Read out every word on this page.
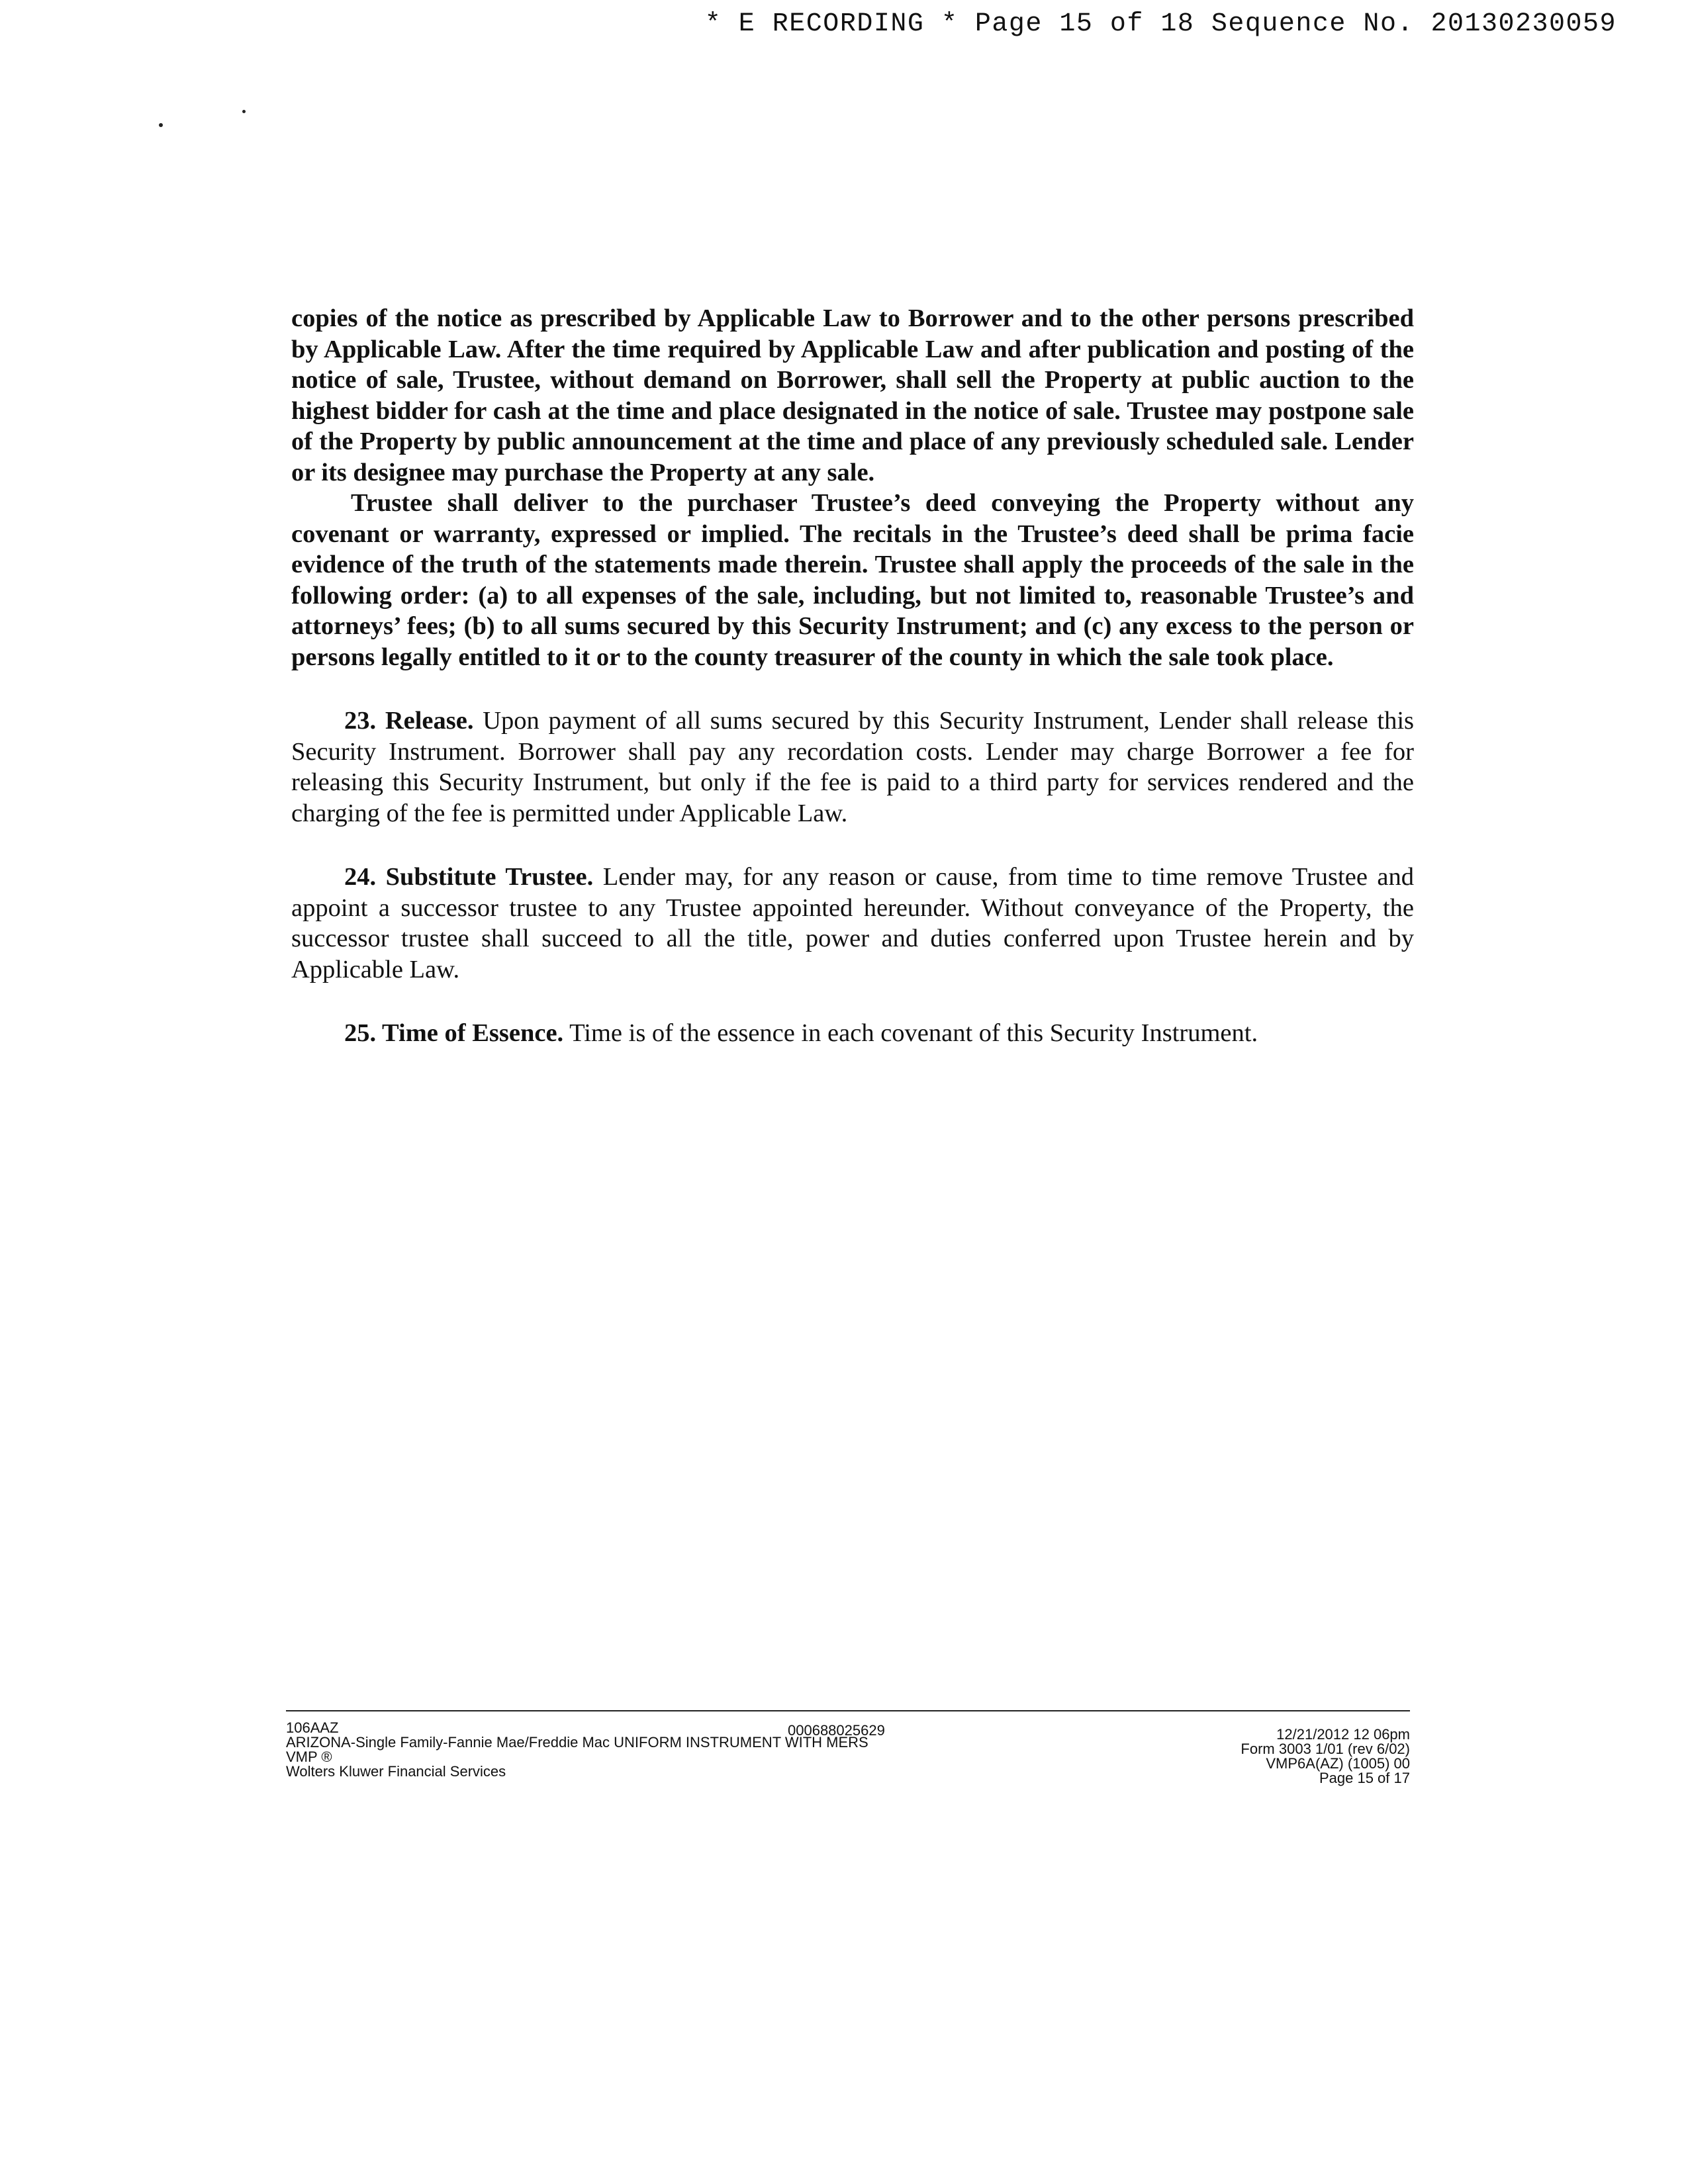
* E RECORDING * Page 15 of 18 Sequence No. 20130230059

copies of the notice as prescribed by Applicable Law to Borrower and to the other persons prescribed by Applicable Law. After the time required by Applicable Law and after publication and posting of the notice of sale, Trustee, without demand on Borrower, shall sell the Property at public auction to the highest bidder for cash at the time and place designated in the notice of sale. Trustee may postpone sale of the Property by public announcement at the time and place of any previously scheduled sale. Lender or its designee may purchase the Property at any sale.

Trustee shall deliver to the purchaser Trustee’s deed conveying the Property without any covenant or warranty, expressed or implied. The recitals in the Trustee’s deed shall be prima facie evidence of the truth of the statements made therein. Trustee shall apply the proceeds of the sale in the following order: (a) to all expenses of the sale, including, but not limited to, reasonable Trustee’s and attorneys’ fees; (b) to all sums secured by this Security Instrument; and (c) any excess to the person or persons legally entitled to it or to the county treasurer of the county in which the sale took place.

23. Release. Upon payment of all sums secured by this Security Instrument, Lender shall release this Security Instrument. Borrower shall pay any recordation costs. Lender may charge Borrower a fee for releasing this Security Instrument, but only if the fee is paid to a third party for services rendered and the charging of the fee is permitted under Applicable Law.

24. Substitute Trustee. Lender may, for any reason or cause, from time to time remove Trustee and appoint a successor trustee to any Trustee appointed hereunder. Without conveyance of the Property, the successor trustee shall succeed to all the title, power and duties conferred upon Trustee herein and by Applicable Law.

25. Time of Essence. Time is of the essence in each covenant of this Security Instrument.

106AAZ
ARIZONA-Single Family-Fannie Mae/Freddie Mac UNIFORM INSTRUMENT WITH MERS
VMP ®
Wolters Kluwer Financial Services
000688025629	12/21/2012 12 06pm
Form 3003 1/01 (rev 6/02)
VMP6A(AZ) (1005) 00
Page 15 of 17
